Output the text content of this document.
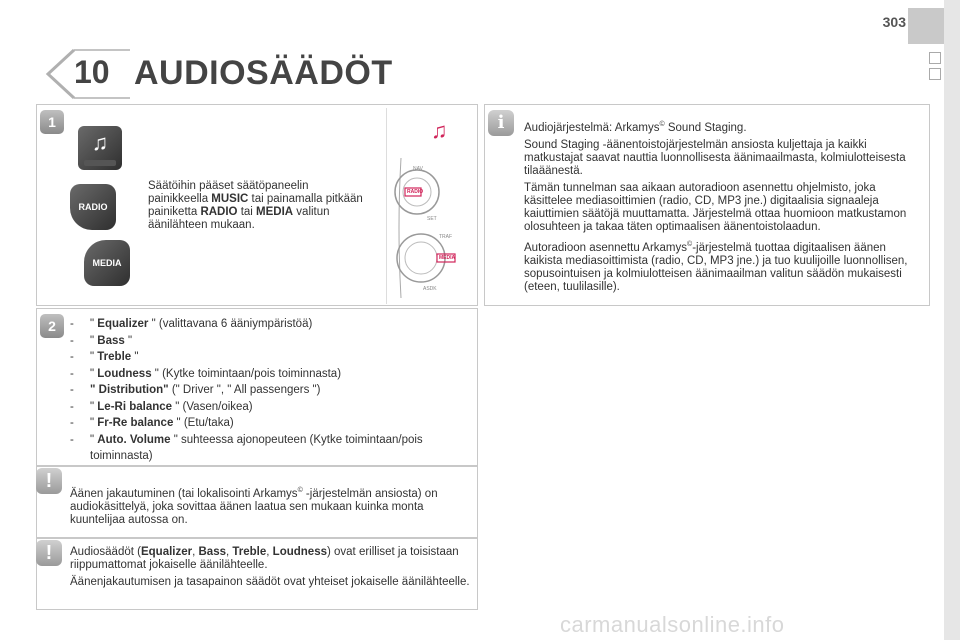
303
10 AUDIOSÄÄDÖT
1
♫
RADIO
MEDIA
Säätöihin pääset säätöpaneelin painikkeella MUSIC tai painamalla pitkään painiketta RADIO tai MEDIA valitun äänilähteen mukaan.
♫
NAV
RADIO
SET
TRAF
MEDIA
ASDK
2	-	" Equalizer " (valittavana 6 ääniympäristöä)
-	" Bass "
-	" Treble "
-	" Loudness " (Kytke toimintaan/pois toiminnasta)
-	" Distribution" (" Driver ", " All passengers ")
-	" Le-Ri balance " (Vasen/oikea)
-	" Fr-Re balance " (Etu/taka)
-	" Auto. Volume " suhteessa ajonopeuteen (Kytke toimintaan/pois toiminnasta)
!
Äänen jakautuminen (tai lokalisointi Arkamys© -järjestelmän ansiosta) on audiokäsittelyä, joka sovittaa äänen laatua sen mukaan kuinka monta kuuntelijaa autossa on.
!	Audiosäädöt (Equalizer, Bass, Treble, Loudness) ovat erilliset ja toisistaan riippumattomat jokaiselle äänilähteelle.

Äänenjakautumisen ja tasapainon säädöt ovat yhteiset jokaiselle äänilähteelle.

i	Audiojärjestelmä: Arkamys© Sound Staging.

Sound Staging -äänentoistojärjestelmän ansiosta kuljettaja ja kaikki matkustajat saavat nauttia luonnollisesta äänimaailmasta, kolmiulotteisesta tilaäänestä.

Tämän tunnelman saa aikaan autoradioon asennettu ohjelmisto, joka käsittelee mediasoittimien (radio, CD, MP3 jne.) digitaalisia signaaleja kaiuttimien säätöjä muuttamatta. Järjestelmä ottaa huomioon matkustamon olosuhteen ja takaa täten optimaalisen äänentoistolaadun.

Autoradioon asennettu Arkamys©-järjestelmä tuottaa digitaalisen äänen kaikista mediasoittimista (radio, CD, MP3 jne.) ja tuo kuulijoille luonnollisen, sopusointuisen ja kolmiulotteisen äänimaailman valitun säädön mukaisesti (eteen, tuulilasille).

carmanualsonline.info
